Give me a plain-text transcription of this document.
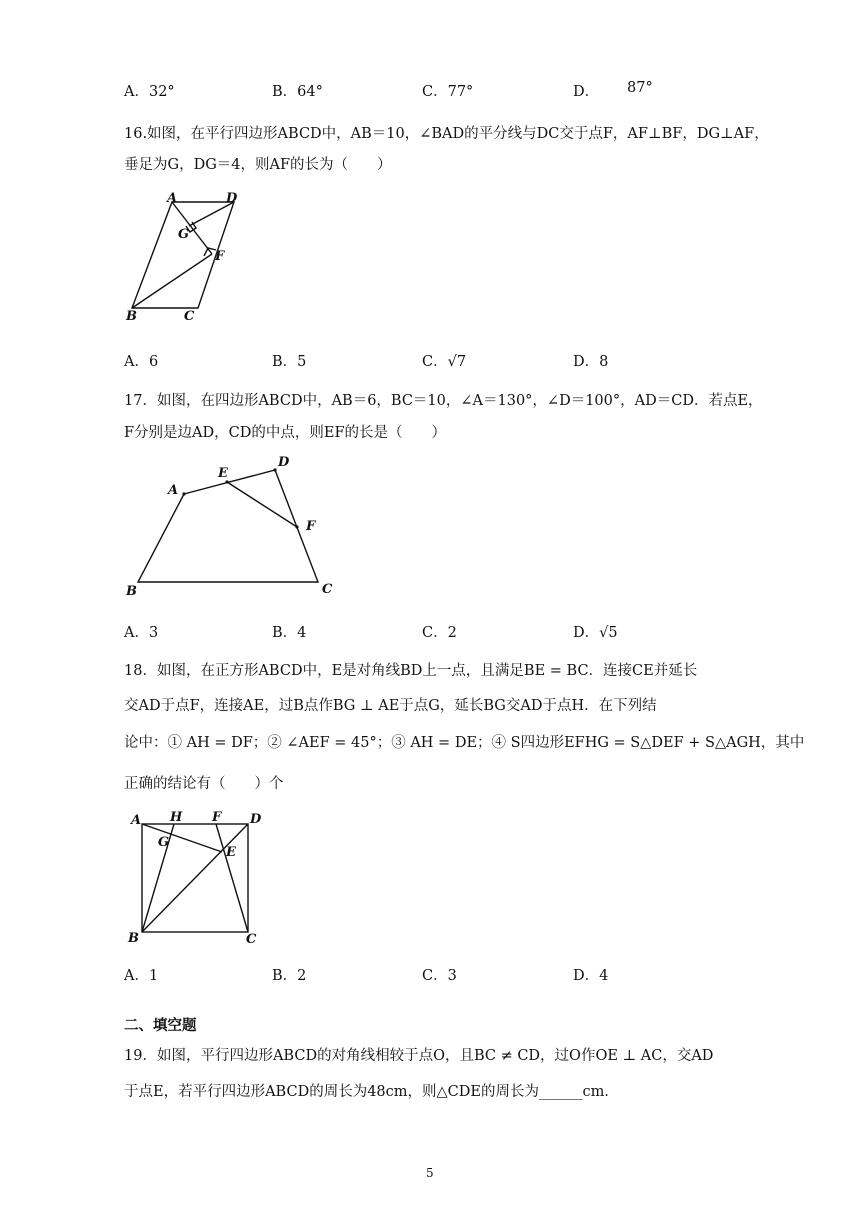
A．32°	B．64°	C．77°	D． 87°
16.如图，在平行四边形ABCD中，AB＝10，∠BAD的平分线与DC交于点F，AF⊥BF，DG⊥AF，
垂足为G，DG＝4，则AF的长为（　　）
A	D
G
F
B	C
A．6	B．5	C．√7	D．8
17．如图，在四边形ABCD中，AB＝6，BC＝10，∠A＝130°，∠D＝100°，AD＝CD．若点E，
F分别是边AD，CD的中点，则EF的长是（　　）
A
E
D
F
B	C
A．3	B．4	C．2	D．√5
18．如图，在正方形ABCD中，E是对角线BD上一点，且满足BE = BC．连接CE并延长
交AD于点F，连接AE，过B点作BG ⊥ AE于点G，延长BG交AD于点H．在下列结
论中：① AH = DF；② ∠AEF = 45°；③ AH = DE；④ S四边形EFHG = S△DEF + S△AGH，其中
正确的结论有（　　）个
A H F D
G
E
B	C
A．1	B．2	C．3	D．4
二、填空题
19．如图，平行四边形ABCD的对角线相较于点O，且BC ≠ CD，过O作OE ⊥ AC，交AD
于点E，若平行四边形ABCD的周长为48cm，则△CDE的周长为______cm．
5
